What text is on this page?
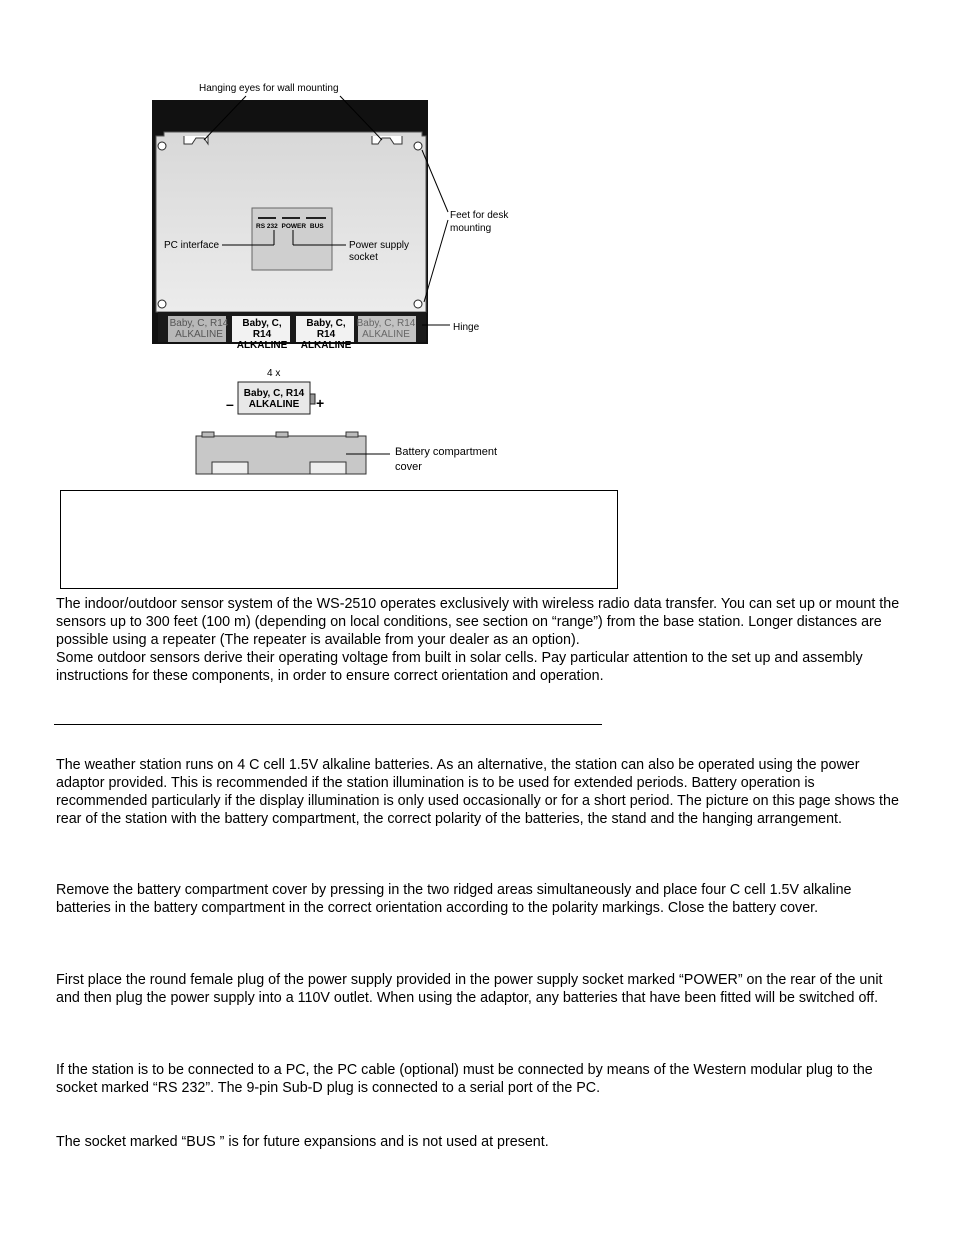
Hanging eyes for wall mounting
Feet for desk
mounting
PC interface	Power supply
socket
Hinge
RS 232 POWER BUS
Baby, C, R14
ALKALINE
Baby, C, R14
ALKALINE
Baby, C, R14
ALKALINE
Baby, C, R14
ALKALINE
4 x
–	+
Baby, C, R14
ALKALINE
Battery compartment
cover
The indoor/outdoor sensor system of the WS-2510 operates exclusively with wireless radio data transfer. You can set up or mount the sensors up to 300 feet (100 m) (depending on local conditions, see section on “range”) from the base station. Longer distances are possible using a repeater (The repeater is available from your dealer as an option).
Some outdoor sensors derive their operating voltage from built in solar cells. Pay particular attention to the set up and assembly instructions for these components, in order to ensure correct orientation and operation.

The weather station runs on 4 C cell 1.5V alkaline batteries. As an alternative, the station can also be operated using the power adaptor provided. This is recommended if the station illumination is to be used for extended periods. Battery operation is recommended particularly if the display illumination is only used occasionally or for a short period. The picture on this page shows the rear of the station with the battery compartment, the correct polarity of the batteries, the stand and the hanging arrangement.

Remove the battery compartment cover by pressing in the two ridged areas simultaneously and place four C cell 1.5V alkaline batteries in the battery compartment in the correct orientation according to the polarity markings. Close the battery cover.

First place the round female plug of the power supply provided in the power supply socket marked “POWER” on the rear of the unit and then plug the power supply into a 110V outlet. When using the adaptor, any batteries that have been fitted will be switched off.

If the station is to be connected to a PC, the PC cable (optional) must be connected by means of the Western modular plug to the socket marked “RS 232”. The 9-pin Sub-D plug is connected to a serial port of the PC.

The socket marked “BUS ” is for future expansions and is not used at present.
